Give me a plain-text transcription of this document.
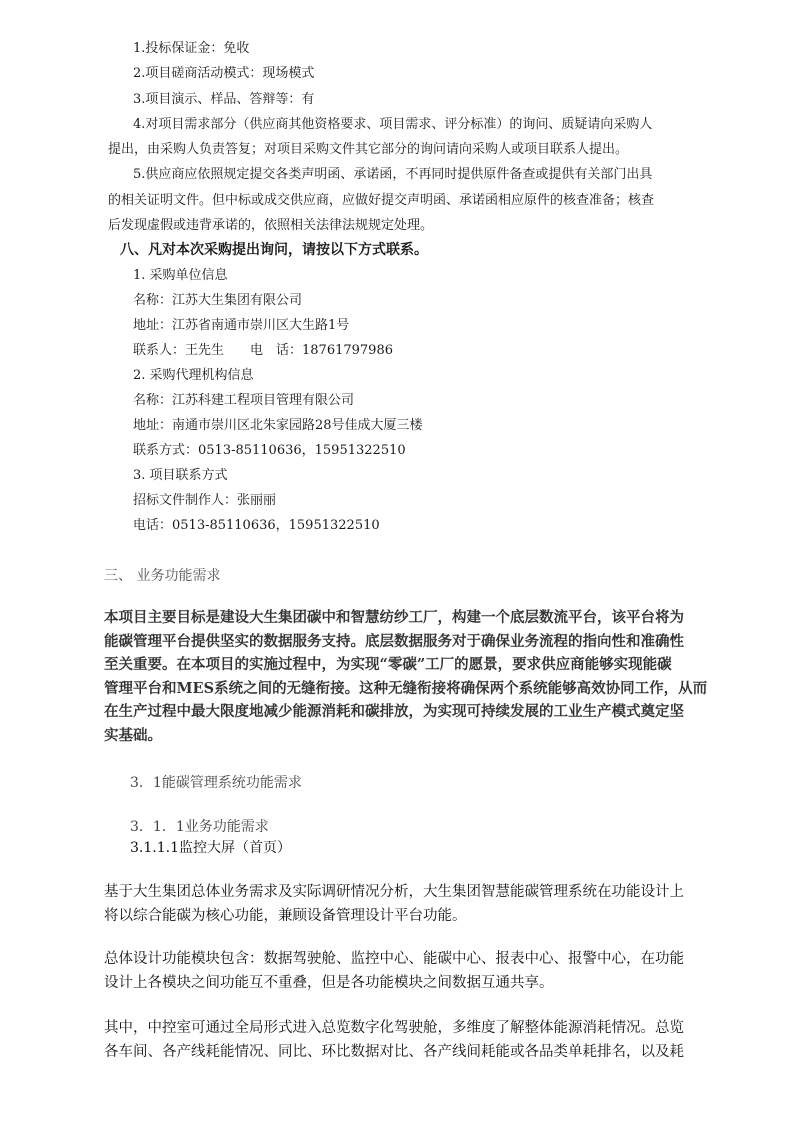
1.投标保证金：免收
2.项目磋商活动模式：现场模式
3.项目演示、样品、答辩等：有
4.对项目需求部分（供应商其他资格要求、项目需求、评分标准）的询问、质疑请向采购人
提出，由采购人负责答复；对项目采购文件其它部分的询问请向采购人或项目联系人提出。
5.供应商应依照规定提交各类声明函、承诺函，不再同时提供原件备查或提供有关部门出具
的相关证明文件。但中标或成交供应商，应做好提交声明函、承诺函相应原件的核查准备；核查
后发现虚假或违背承诺的，依照相关法律法规规定处理。
八、凡对本次采购提出询问，请按以下方式联系。
1. 采购单位信息
名称：江苏大生集团有限公司
地址：江苏省南通市崇川区大生路1号
联系人：王先生　　电　话：18761797986
2. 采购代理机构信息
名称：江苏科建工程项目管理有限公司
地址：南通市崇川区北朱家园路28号佳成大厦三楼
联系方式：0513-85110636，15951322510
3. 项目联系方式
招标文件制作人：张丽丽
电话：0513-85110636，15951322510
三、 业务功能需求
本项目主要目标是建设大生集团碳中和智慧纺纱工厂，构建一个底层数流平台，该平台将为
能碳管理平台提供坚实的数据服务支持。底层数据服务对于确保业务流程的指向性和准确性
至关重要。在本项目的实施过程中，为实现“零碳”工厂的愿景，要求供应商能够实现能碳
管理平台和MES系统之间的无缝衔接。这种无缝衔接将确保两个系统能够高效协同工作，从而
在生产过程中最大限度地减少能源消耗和碳排放，为实现可持续发展的工业生产模式奠定坚
实基础。
3．1能碳管理系统功能需求
3．1．1业务功能需求
3.1.1.1监控大屏（首页）
基于大生集团总体业务需求及实际调研情况分析，大生集团智慧能碳管理系统在功能设计上
将以综合能碳为核心功能，兼顾设备管理设计平台功能。
总体设计功能模块包含：数据驾驶舱、监控中心、能碳中心、报表中心、报警中心，在功能
设计上各模块之间功能互不重叠，但是各功能模块之间数据互通共享。
其中，中控室可通过全局形式进入总览数字化驾驶舱，多维度了解整体能源消耗情况。总览
各车间、各产线耗能情况、同比、环比数据对比、各产线间耗能或各品类单耗排名，以及耗
